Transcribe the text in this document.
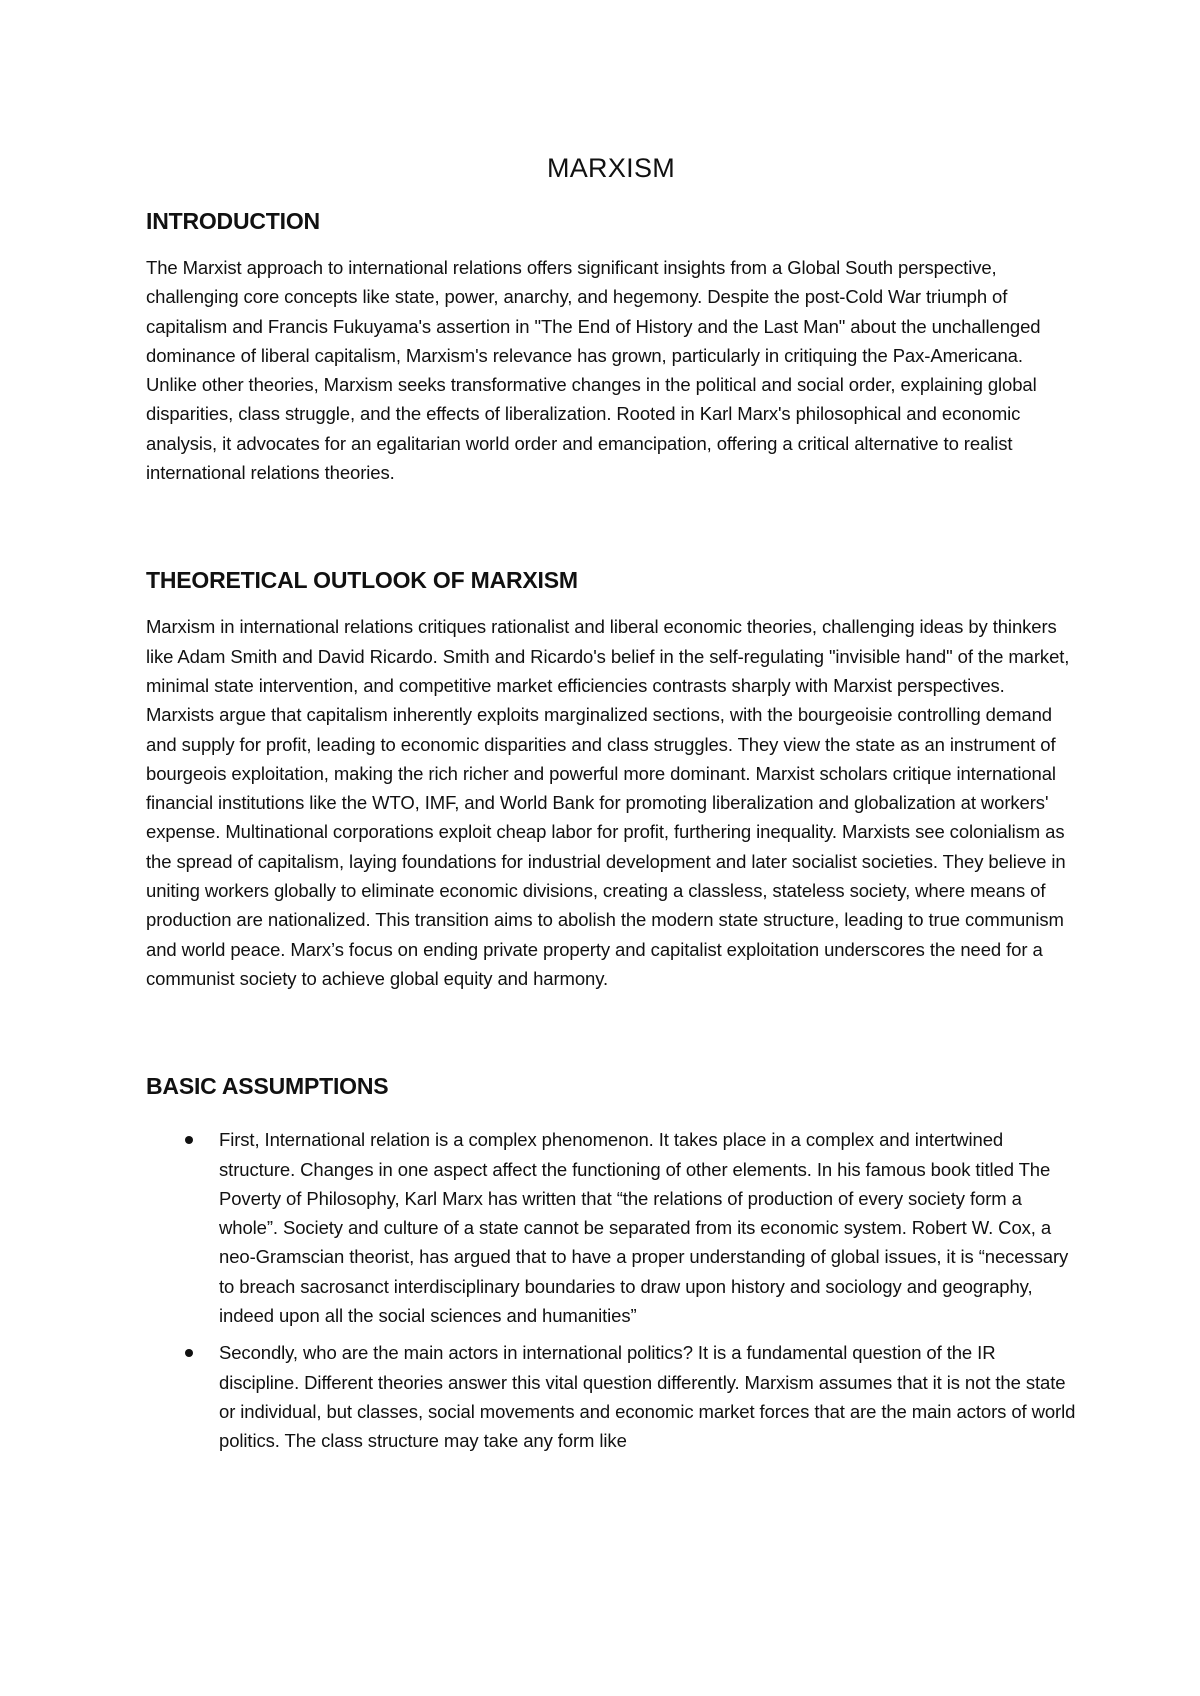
MARXISM
INTRODUCTION

The Marxist approach to international relations offers significant insights from a Global South perspective, challenging core concepts like state, power, anarchy, and hegemony. Despite the post-Cold War triumph of capitalism and Francis Fukuyama's assertion in "The End of History and the Last Man" about the unchallenged dominance of liberal capitalism, Marxism's relevance has grown, particularly in critiquing the Pax-Americana. Unlike other theories, Marxism seeks transformative changes in the political and social order, explaining global disparities, class struggle, and the effects of liberalization. Rooted in Karl Marx's philosophical and economic analysis, it advocates for an egalitarian world order and emancipation, offering a critical alternative to realist international relations theories.

THEORETICAL OUTLOOK OF MARXISM

Marxism in international relations critiques rationalist and liberal economic theories, challenging ideas by thinkers like Adam Smith and David Ricardo. Smith and Ricardo's belief in the self-regulating "invisible hand" of the market, minimal state intervention, and competitive market efficiencies contrasts sharply with Marxist perspectives. Marxists argue that capitalism inherently exploits marginalized sections, with the bourgeoisie controlling demand and supply for profit, leading to economic disparities and class struggles. They view the state as an instrument of bourgeois exploitation, making the rich richer and powerful more dominant. Marxist scholars critique international financial institutions like the WTO, IMF, and World Bank for promoting liberalization and globalization at workers' expense. Multinational corporations exploit cheap labor for profit, furthering inequality. Marxists see colonialism as the spread of capitalism, laying foundations for industrial development and later socialist societies. They believe in uniting workers globally to eliminate economic divisions, creating a classless, stateless society, where means of production are nationalized. This transition aims to abolish the modern state structure, leading to true communism and world peace. Marx’s focus on ending private property and capitalist exploitation underscores the need for a communist society to achieve global equity and harmony.

BASIC ASSUMPTIONS
First, International relation is a complex phenomenon. It takes place in a complex and intertwined structure. Changes in one aspect affect the functioning of other elements. In his famous book titled The Poverty of Philosophy, Karl Marx has written that “the relations of production of every society form a whole”. Society and culture of a state cannot be separated from its economic system. Robert W. Cox, a neo-Gramscian theorist, has argued that to have a proper understanding of global issues, it is “necessary to breach sacrosanct interdisciplinary boundaries to draw upon history and sociology and geography, indeed upon all the social sciences and humanities”
Secondly, who are the main actors in international politics? It is a fundamental question of the IR discipline. Different theories answer this vital question differently. Marxism assumes that it is not the state or individual, but classes, social movements and economic market forces that are the main actors of world politics. The class structure may take any form like
